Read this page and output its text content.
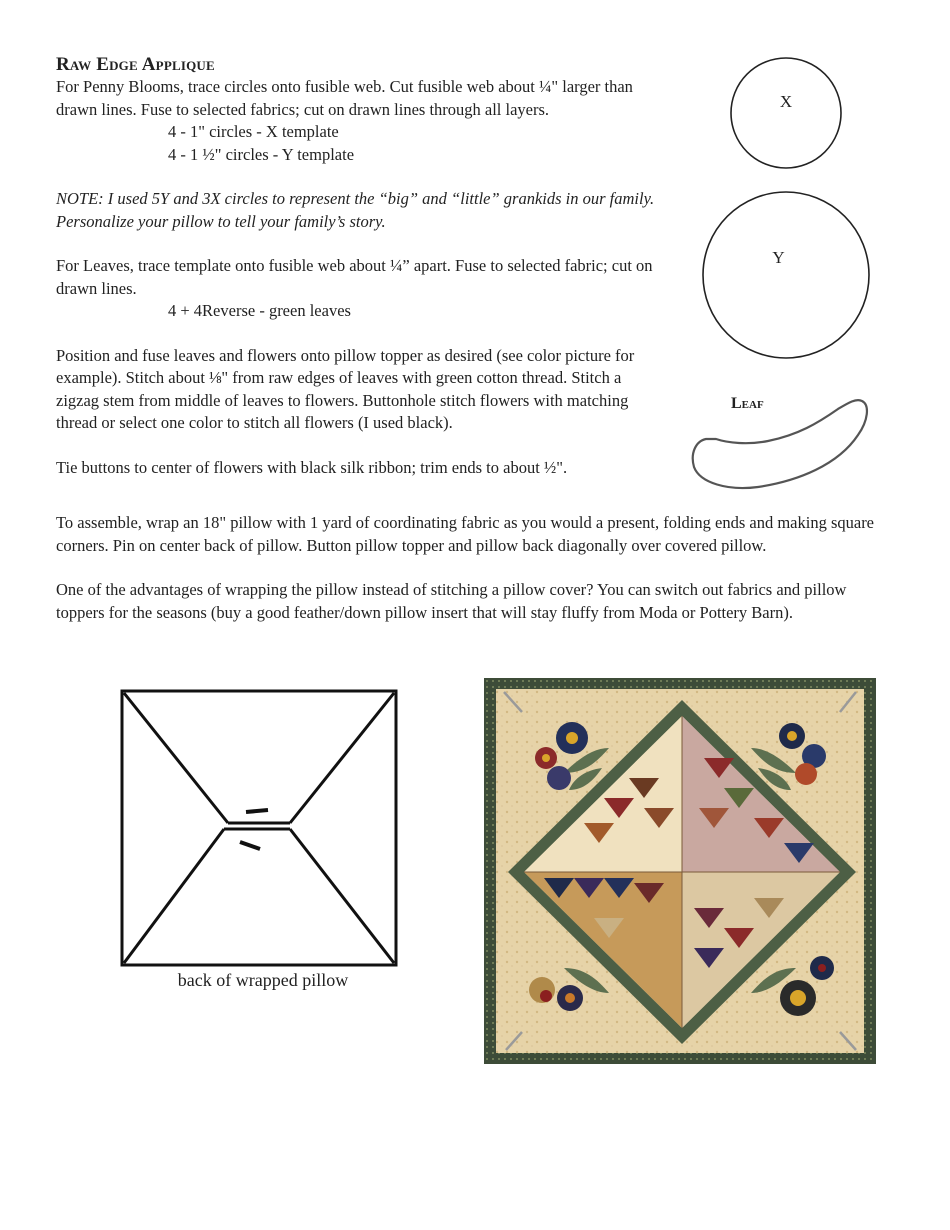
Raw Edge Applique

For Penny Blooms, trace circles onto fusible web. Cut fusible web about ¼" larger than drawn lines. Fuse to selected fabrics; cut on drawn lines through all layers.

4 - 1" circles - X template

4 - 1 ½" circles - Y template

NOTE: I used 5Y and 3X circles to represent the “big” and “little” grankids in our family. Personalize your pillow to tell your family’s story.

For Leaves, trace template onto fusible web about ¼” apart. Fuse to selected fabric; cut on drawn lines.

4 + 4Reverse - green leaves

Position and fuse leaves and flowers onto pillow topper as desired (see color picture for example). Stitch about ⅛" from raw edges of leaves with green cotton thread. Stitch a zigzag stem from middle of leaves to flowers. Buttonhole stitch flowers with matching thread or select one color to stitch all flowers (I used black).

Tie buttons to center of flowers with black silk ribbon; trim ends to about ½".

To assemble, wrap an 18" pillow with 1 yard of coordinating fabric as you would a present, folding ends and making square corners. Pin on center back of pillow. Button pillow topper and pillow back diagonally over covered pillow.

One of the advantages of wrapping the pillow instead of stitching a pillow cover? You can switch out fabrics and pillow toppers for the seasons (buy a good feather/down pillow insert that will stay fluffy from Moda or Pottery Barn).

X
Y
Leaf
back of wrapped pillow
